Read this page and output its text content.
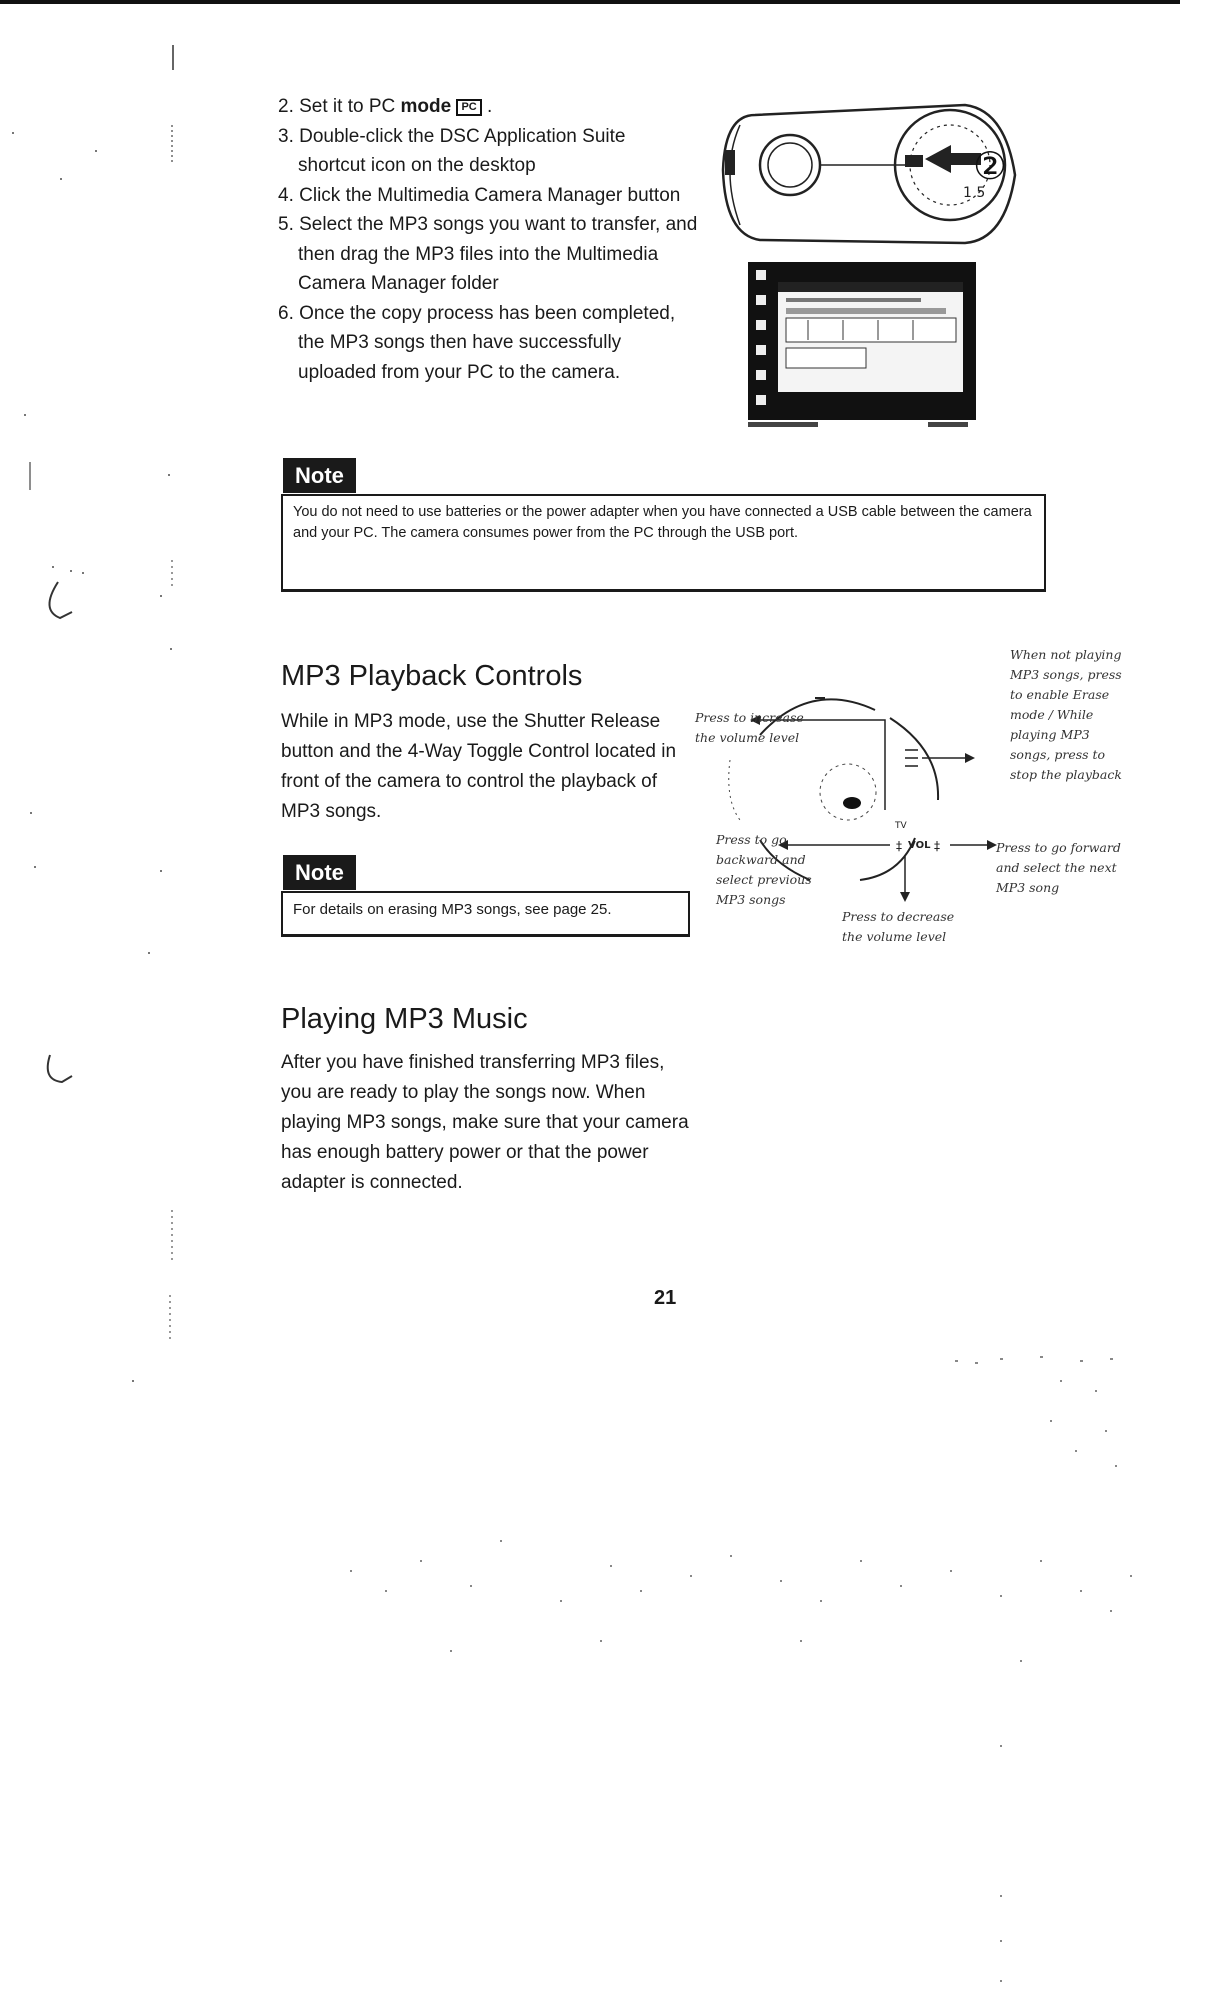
2. Set it to PC mode PC .
3. Double-click the DSC Application Suite shortcut icon on the desktop
4. Click the Multimedia Camera Manager button
5. Select the MP3 songs you want to transfer, and then drag the MP3 files into the Multimedia Camera Manager folder
6. Once the copy process has been completed, the MP3 songs then have successfully uploaded from your PC to the camera.
1 5
②
Note
You do not need to use batteries or the power adapter when you have connected a USB cable between the camera and your PC. The camera consumes power from the PC through the USB port.
MP3 Playback Controls
While in MP3 mode, use the Shutter Release button and the 4-Way Toggle Control located in front of the camera to control the playback of MP3 songs.
Note
For details on erasing MP3 songs, see page 25.
TV
VOL
‡	‡
Press to increase the volume level
When not playing MP3 songs, press to enable Erase mode / While playing MP3 songs, press to stop the playback
Press to go backward and select previous MP3 songs
Press to go forward and select the next MP3 song
Press to decrease the volume level
Playing MP3 Music
After you have finished transferring MP3 files, you are ready to play the songs now. When playing MP3 songs, make sure that your camera has enough battery power or that the power adapter is connected.
21
